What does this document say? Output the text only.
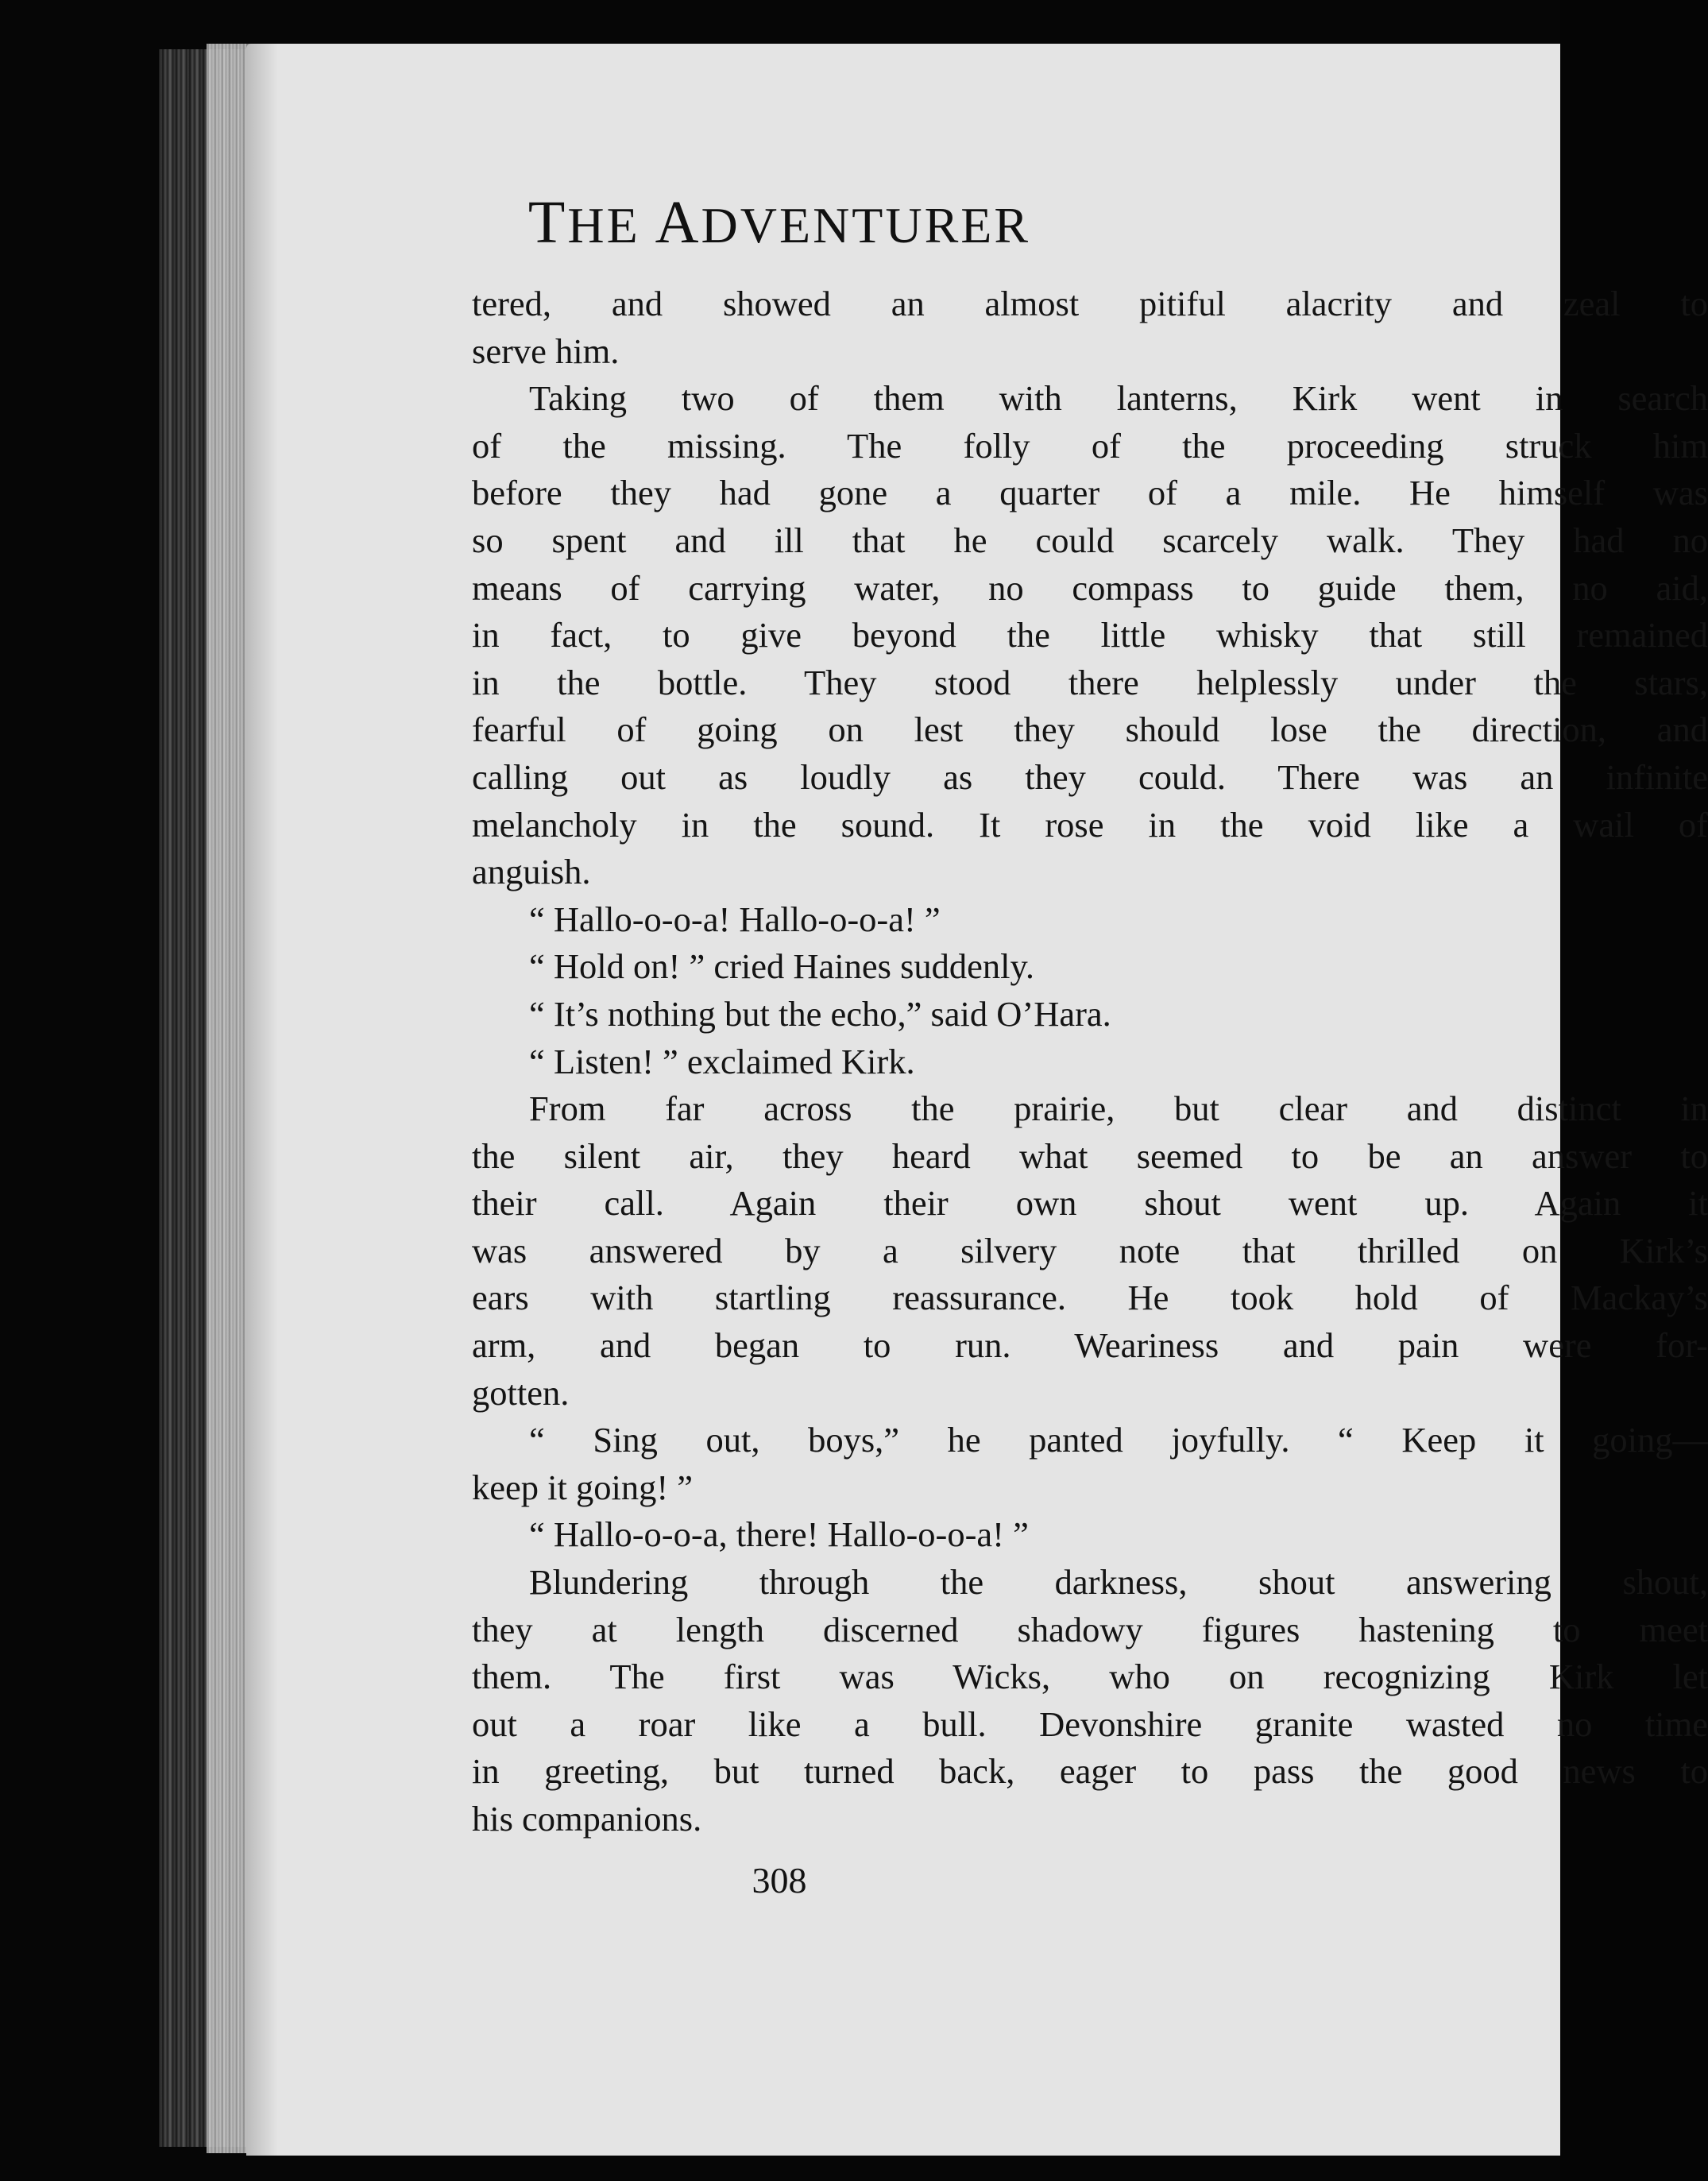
THE ADVENTURER
tered, and showed an almost pitiful alacrity and zeal to
serve him.
Taking two of them with lanterns, Kirk went in search
of the missing. The folly of the proceeding struck him
before they had gone a quarter of a mile. He himself was
so spent and ill that he could scarcely walk. They had no
means of carrying water, no compass to guide them, no aid,
in fact, to give beyond the little whisky that still remained
in the bottle. They stood there helplessly under the stars,
fearful of going on lest they should lose the direction, and
calling out as loudly as they could. There was an infinite
melancholy in the sound. It rose in the void like a wail of
anguish.
“ Hallo-o-o-a! Hallo-o-o-a! ”
“ Hold on! ” cried Haines suddenly.
“ It’s nothing but the echo,” said O’Hara.
“ Listen! ” exclaimed Kirk.
From far across the prairie, but clear and distinct in
the silent air, they heard what seemed to be an answer to
their call. Again their own shout went up. Again it
was answered by a silvery note that thrilled on Kirk’s
ears with startling reassurance. He took hold of Mackay’s
arm, and began to run. Weariness and pain were for-
gotten.
“ Sing out, boys,” he panted joyfully. “ Keep it going—
keep it going! ”
“ Hallo-o-o-a, there! Hallo-o-o-a! ”
Blundering through the darkness, shout answering shout,
they at length discerned shadowy figures hastening to meet
them. The first was Wicks, who on recognizing Kirk let
out a roar like a bull. Devonshire granite wasted no time
in greeting, but turned back, eager to pass the good news to
his companions.
308
